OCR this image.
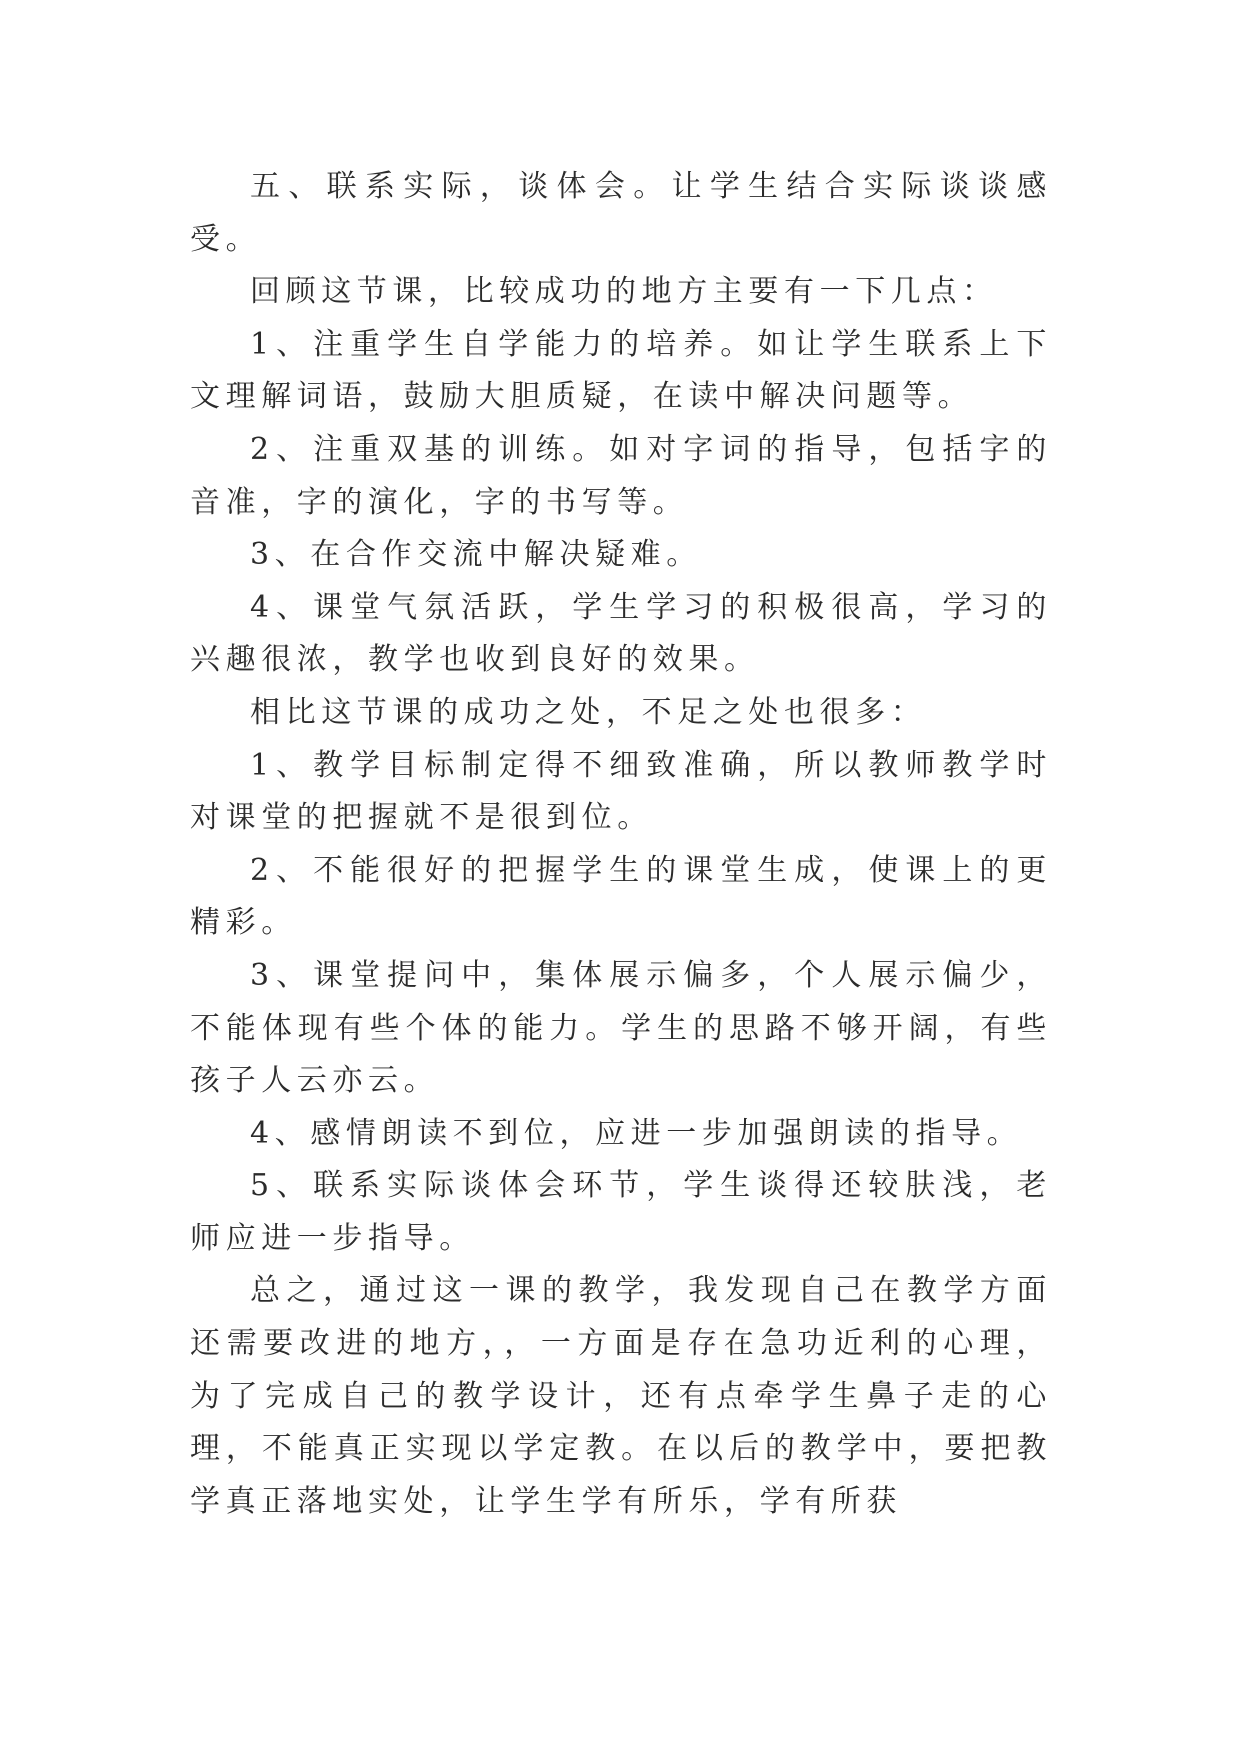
五、联系实际，谈体会。让学生结合实际谈谈感受。

回顾这节课，比较成功的地方主要有一下几点：

1、注重学生自学能力的培养。如让学生联系上下文理解词语，鼓励大胆质疑，在读中解决问题等。

2、注重双基的训练。如对字词的指导，包括字的音准，字的演化，字的书写等。

3、在合作交流中解决疑难。

4、课堂气氛活跃，学生学习的积极很高，学习的兴趣很浓，教学也收到良好的效果。

相比这节课的成功之处，不足之处也很多：

1、教学目标制定得不细致准确，所以教师教学时对课堂的把握就不是很到位。

2、不能很好的把握学生的课堂生成，使课上的更精彩。

3、课堂提问中，集体展示偏多，个人展示偏少，不能体现有些个体的能力。学生的思路不够开阔，有些孩子人云亦云。

4、感情朗读不到位，应进一步加强朗读的指导。

5、联系实际谈体会环节，学生谈得还较肤浅，老师应进一步指导。

总之，通过这一课的教学，我发现自己在教学方面还需要改进的地方，，一方面是存在急功近利的心理，为了完成自己的教学设计，还有点牵学生鼻子走的心理，不能真正实现以学定教。在以后的教学中，要把教学真正落地实处，让学生学有所乐，学有所获
